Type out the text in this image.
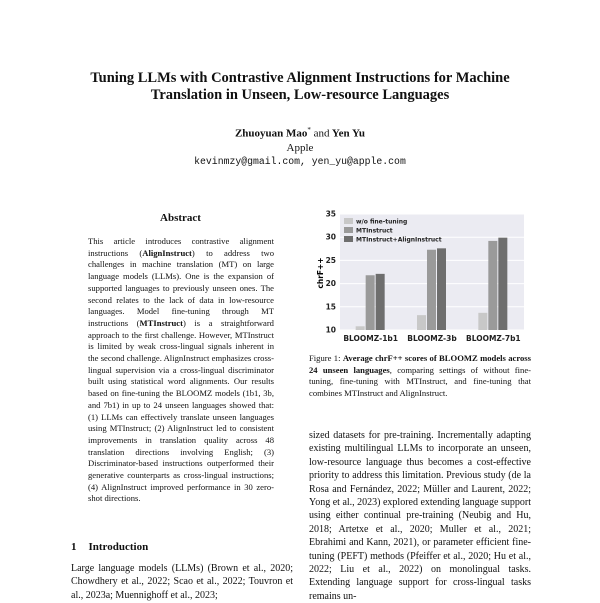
Tuning LLMs with Contrastive Alignment Instructions for Machine
Translation in Unseen, Low-resource Languages
Zhuoyuan Mao* and Yen Yu
Apple
kevinmzy@gmail.com, yen_yu@apple.com
Abstract

This article introduces contrastive alignment instructions (AlignInstruct) to address two challenges in machine translation (MT) on large language models (LLMs). One is the expansion of supported languages to previously unseen ones. The second relates to the lack of data in low-resource languages. Model fine-tuning through MT instructions (MTInstruct) is a straightforward approach to the first challenge. However, MTInstruct is limited by weak cross-lingual signals inherent in the second challenge. AlignInstruct emphasizes cross-lingual supervision via a cross-lingual discriminator built using statistical word alignments. Our results based on fine-tuning the BLOOMZ models (1b1, 3b, and 7b1) in up to 24 unseen languages showed that: (1) LLMs can effectively translate unseen languages using MTInstruct; (2) AlignInstruct led to consistent improvements in translation quality across 48 translation directions involving English; (3) Discriminator-based instructions outperformed their generative counterparts as cross-lingual instructions; (4) AlignInstruct improved performance in 30 zero-shot directions.

1 Introduction

Large language models (LLMs) (Brown et al., 2020; Chowdhery et al., 2022; Scao et al., 2022; Touvron et al., 2023a; Muennighoff et al., 2023;

10
15
20
25
30
35
BLOOMZ-1b1 BLOOMZ-3b BLOOMZ-7b1
w/o fine-tuning
MTInstruct
MTInstruct+AlignInstruct
chrF++
Figure 1: Average chrF++ scores of BLOOMZ models across 24 unseen languages, comparing settings of without fine-tuning, fine-tuning with MTInstruct, and fine-tuning that combines MTInstruct and AlignInstruct.

sized datasets for pre-training. Incrementally adapting existing multilingual LLMs to incorporate an unseen, low-resource language thus becomes a cost-effective priority to address this limitation. Previous study (de la Rosa and Fernández, 2022; Müller and Laurent, 2022; Yong et al., 2023) explored extending language support using either continual pre-training (Neubig and Hu, 2018; Artetxe et al., 2020; Muller et al., 2021; Ebrahimi and Kann, 2021), or parameter efficient fine-tuning (PEFT) methods (Pfeiffer et al., 2020; Hu et al., 2022; Liu et al., 2022) on monolingual tasks. Extending language support for cross-lingual tasks remains un-
